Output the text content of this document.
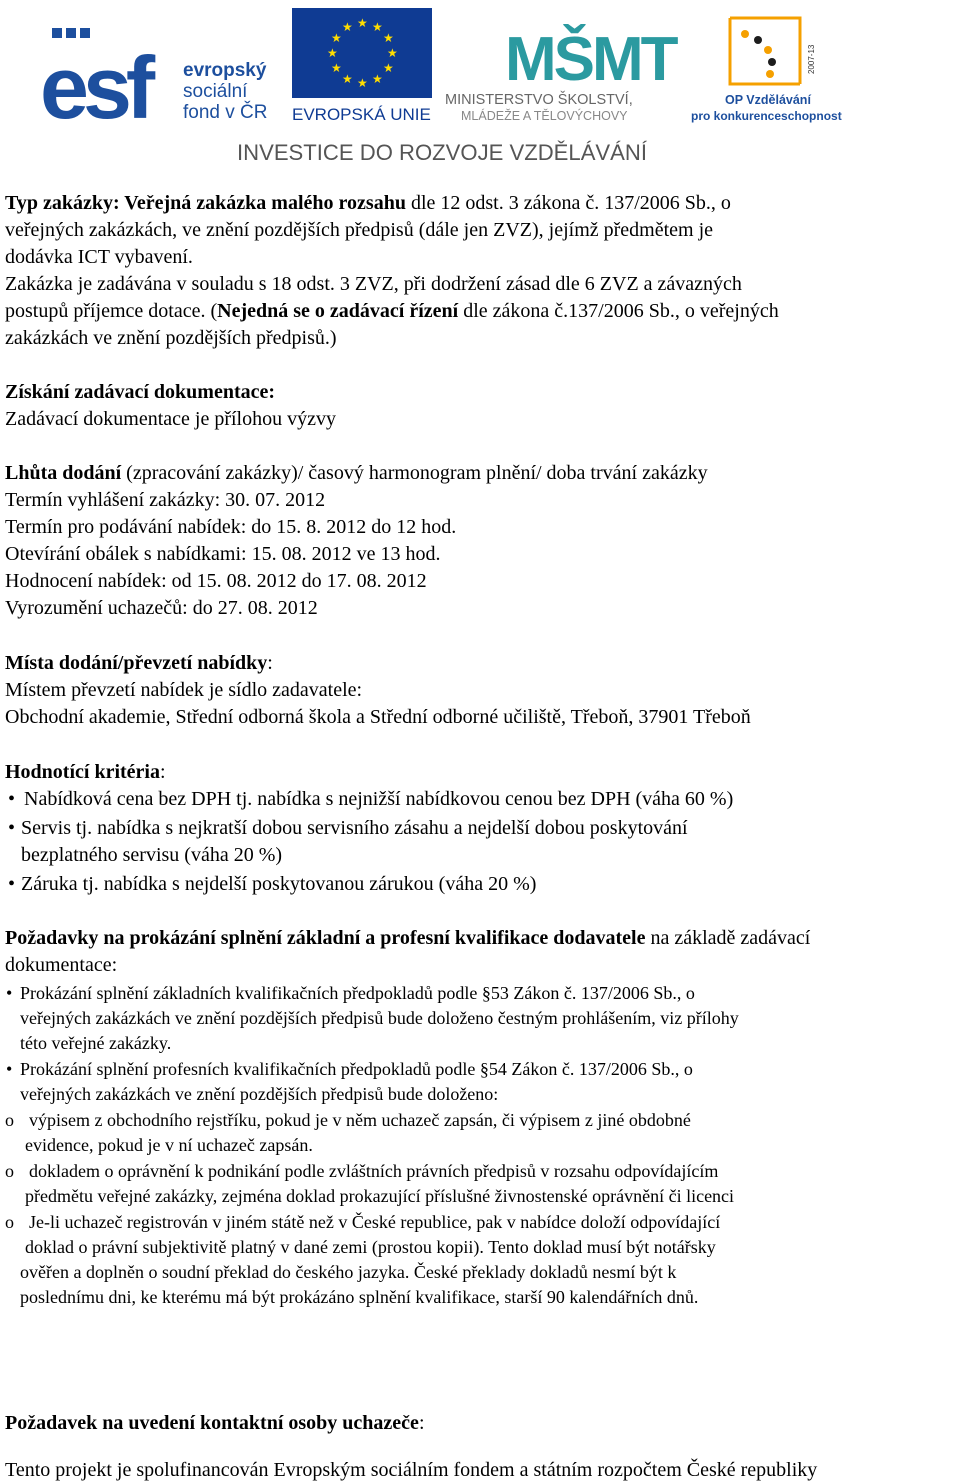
esf	evropský
sociální
fond v ČR
★ ★
★
★
★
★
★
★
★
★
★
★
EVROPSKÁ UNIE
MŠMT
MINISTERSTVO ŠKOLSTVÍ,
MLÁDEŽE A TĚLOVÝCHOVY
2007-13
OP Vzdělávání
pro konkurenceschopnost
INVESTICE DO ROZVOJE VZDĚLÁVÁNÍ
Typ zakázky: Veřejná zakázka malého rozsahu dle 12 odst. 3 zákona č. 137/2006 Sb., o
veřejných zakázkách, ve znění pozdějších předpisů (dále jen ZVZ), jejímž předmětem je
dodávka ICT vybavení.
Zakázka je zadávána v souladu s 18 odst. 3 ZVZ, při dodržení zásad dle 6 ZVZ a závazných
postupů příjemce dotace. (Nejedná se o zadávací řízení dle zákona č.137/2006 Sb., o veřejných
zakázkách ve znění pozdějších předpisů.)
Získání zadávací dokumentace:
Zadávací dokumentace je přílohou výzvy
Lhůta dodání (zpracování zakázky)/ časový harmonogram plnění/ doba trvání zakázky
Termín vyhlášení zakázky: 30. 07. 2012
Termín pro podávání nabídek: do 15. 8. 2012 do 12 hod.
Otevírání obálek s nabídkami: 15. 08. 2012 ve 13 hod.
Hodnocení nabídek: od 15. 08. 2012 do 17. 08. 2012
Vyrozumění uchazečů: do 27. 08. 2012
Místa dodání/převzetí nabídky:
Místem převzetí nabídek je sídlo zadavatele:
Obchodní akademie, Střední odborná škola a Střední odborné učiliště, Třeboň, 37901 Třeboň
Hodnotící kritéria:
• Nabídková cena bez DPH tj. nabídka s nejnižší nabídkovou cenou bez DPH (váha 60 %)
• Servis tj. nabídka s nejkratší dobou servisního zásahu a nejdelší dobou poskytování
bezplatného servisu (váha 20 %)
• Záruka tj. nabídka s nejdelší poskytovanou zárukou (váha 20 %)
Požadavky na prokázání splnění základní a profesní kvalifikace dodavatele na základě zadávací
dokumentace:
• Prokázání splnění základních kvalifikačních předpokladů podle §53 Zákon č. 137/2006 Sb., o
veřejných zakázkách ve znění pozdějších předpisů bude doloženo čestným prohlášením, viz přílohy
této veřejné zakázky.
• Prokázání splnění profesních kvalifikačních předpokladů podle §54 Zákon č. 137/2006 Sb., o
veřejných zakázkách ve znění pozdějších předpisů bude doloženo:
o výpisem z obchodního rejstříku, pokud je v něm uchazeč zapsán, či výpisem z jiné obdobné
evidence, pokud je v ní uchazeč zapsán.
o dokladem o oprávnění k podnikání podle zvláštních právních předpisů v rozsahu odpovídajícím
předmětu veřejné zakázky, zejména doklad prokazující příslušné živnostenské oprávnění či licenci
o Je-li uchazeč registrován v jiném státě než v České republice, pak v nabídce doloží odpovídající
doklad o právní subjektivitě platný v dané zemi (prostou kopii). Tento doklad musí být notářsky
ověřen a doplněn o soudní překlad do českého jazyka. České překlady dokladů nesmí být k
poslednímu dni, ke kterému má být prokázáno splnění kvalifikace, starší 90 kalendářních dnů.
Požadavek na uvedení kontaktní osoby uchazeče:
Tento projekt je spolufinancován Evropským sociálním fondem a státním rozpočtem České republiky
